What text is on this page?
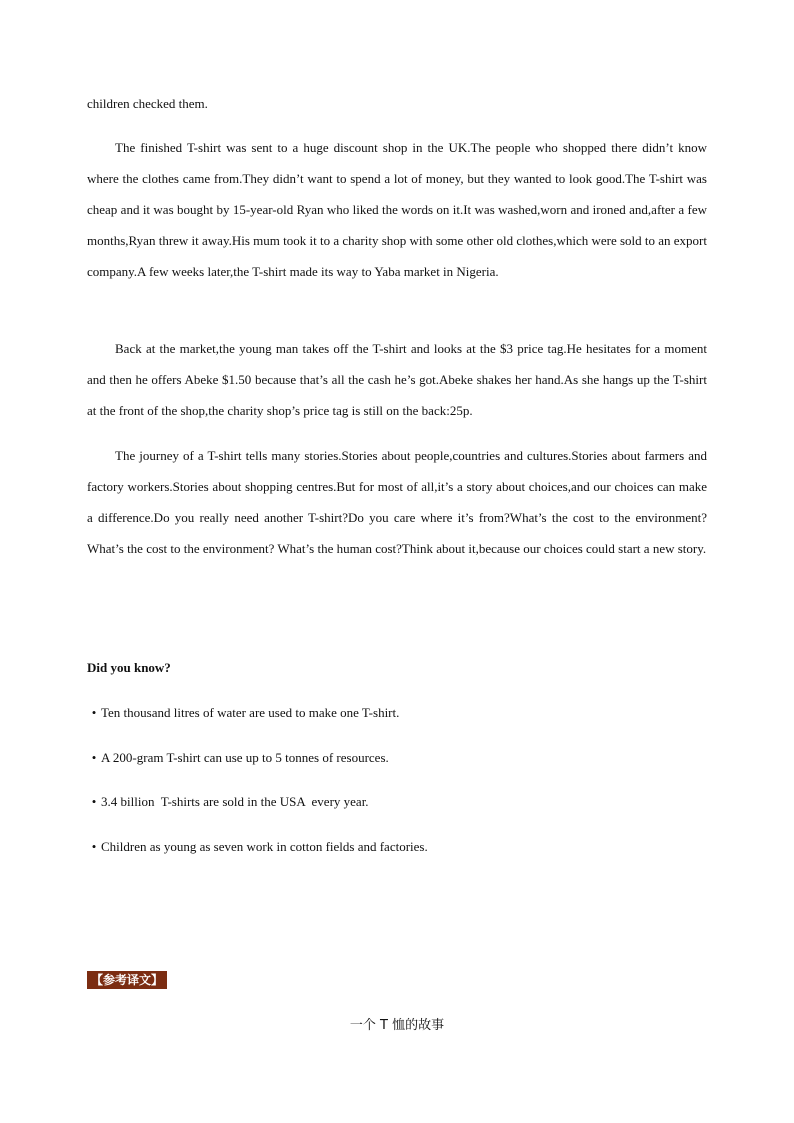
children checked them.

The finished T-shirt was sent to a huge discount shop in the UK.The people who shopped there didn’t know where the clothes came from.They didn’t want to spend a lot of money, but they wanted to look good.The T-shirt was cheap and it was bought by 15-year-old Ryan who liked the words on it.It was washed,worn and ironed and,after a few months,Ryan threw it away.His mum took it to a charity shop with some other old clothes,which were sold to an export company.A few weeks later,the T-shirt made its way to Yaba market in Nigeria.

Back at the market,the young man takes off the T-shirt and looks at the $3 price tag.He hesitates for a moment and then he offers Abeke $1.50 because that’s all the cash he’s got.Abeke shakes her hand.As she hangs up the T-shirt at the front of the shop,the charity shop’s price tag is still on the back:25p.

The journey of a T-shirt tells many stories.Stories about people,countries and cultures.Stories about farmers and factory workers.Stories about shopping centres.But for most of all,it’s a story about choices,and our choices can make a difference.Do you really need another T-shirt?Do you care where it’s from?What’s the cost to the environment?What’s the cost to the environment? What’s the human cost?Think about it,because our choices could start a new story.

Did you know?

• Ten thousand litres of water are used to make one T-shirt.

• A 200-gram T-shirt can use up to 5 tonnes of resources.

• 3.4 billion  T-shirts are sold in the USA  every year.

• Children as young as seven work in cotton fields and factories.

【参考译文】

一个 T 恤的故事
